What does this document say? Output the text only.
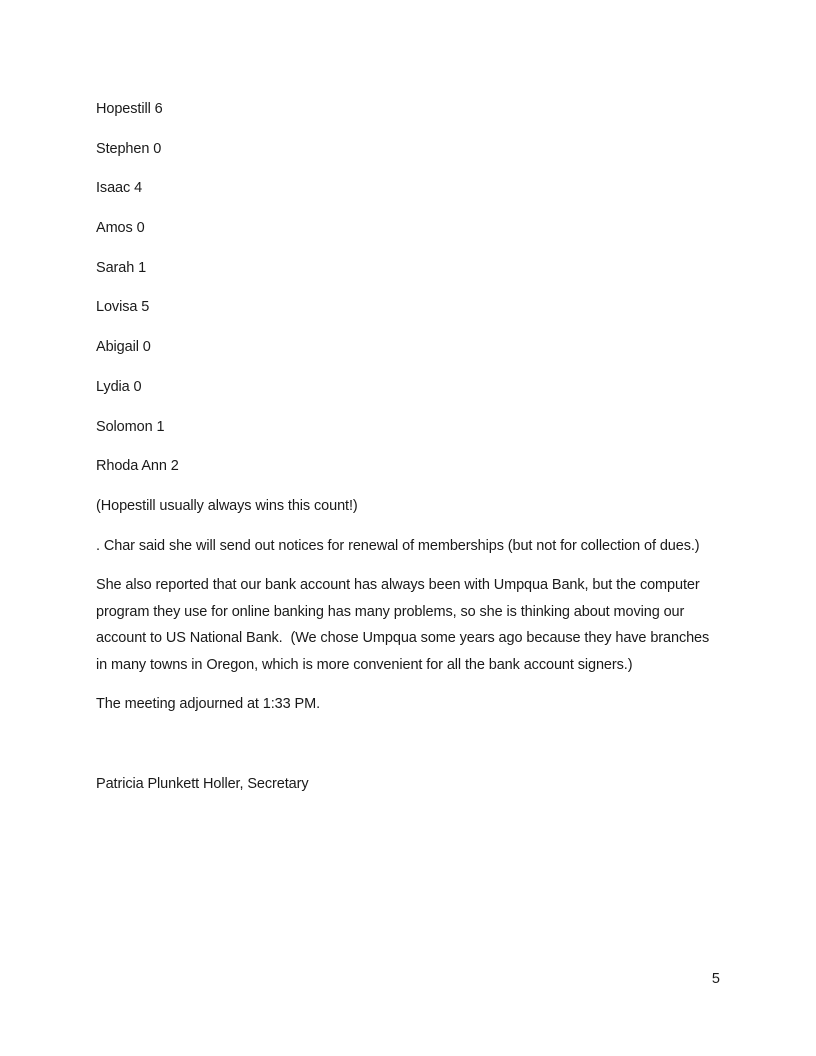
Hopestill 6

Stephen 0

Isaac 4

Amos 0

Sarah 1

Lovisa 5

Abigail 0

Lydia 0

Solomon 1

Rhoda Ann 2

(Hopestill usually always wins this count!)

. Char said she will send out notices for renewal of memberships (but not for collection of dues.)

She also reported that our bank account has always been with Umpqua Bank, but the computer program they use for online banking has many problems, so she is thinking about moving our account to US National Bank.  (We chose Umpqua some years ago because they have branches in many towns in Oregon, which is more convenient for all the bank account signers.)

The meeting adjourned at 1:33 PM.

Patricia Plunkett Holler, Secretary

5
